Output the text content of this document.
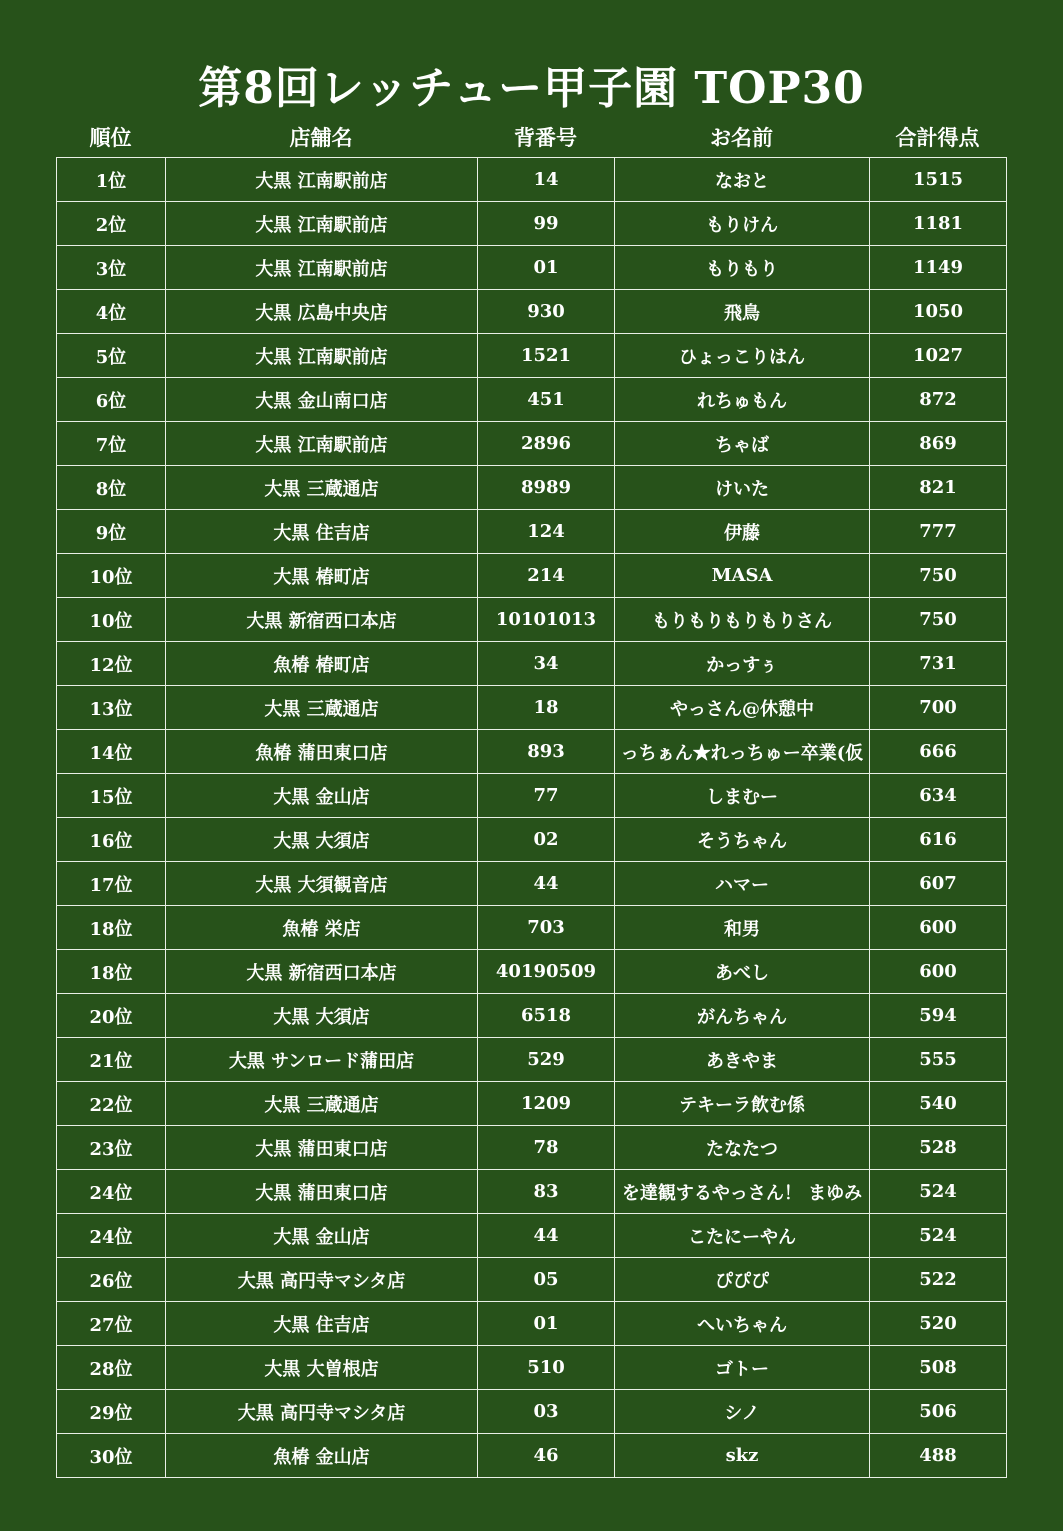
第8回レッチュー甲子園 TOP30
順位	店舗名	背番号	お名前	合計得点
1位	大黒 江南駅前店	14	なおと	1515
2位	大黒 江南駅前店	99	もりけん	1181
3位	大黒 江南駅前店	01	もりもり	1149
4位	大黒 広島中央店	930	飛鳥	1050
5位	大黒 江南駅前店	1521	ひょっこりはん	1027
6位	大黒 金山南口店	451	れちゅもん	872
7位	大黒 江南駅前店	2896	ちゃば	869
8位	大黒 三蔵通店	8989	けいた	821
9位	大黒 住吉店	124	伊藤	777
10位	大黒 椿町店	214	MASA	750
10位	大黒 新宿西口本店	10101013	もりもりもりもりさん	750
12位	魚椿 椿町店	34	かっすぅ	731
13位	大黒 三蔵通店	18	やっさん@休憩中	700
14位	魚椿 蒲田東口店	893	っちぁん★れっちゅー卒業(仮	666
15位	大黒 金山店	77	しまむー	634
16位	大黒 大須店	02	そうちゃん	616
17位	大黒 大須観音店	44	ハマー	607
18位	魚椿 栄店	703	和男	600
18位	大黒 新宿西口本店	40190509	あべし	600
20位	大黒 大須店	6518	がんちゃん	594
21位	大黒 サンロード蒲田店	529	あきやま	555
22位	大黒 三蔵通店	1209	テキーラ飲む係	540
23位	大黒 蒲田東口店	78	たなたつ	528
24位	大黒 蒲田東口店	83	を達観するやっさん！ まゆみ	524
24位	大黒 金山店	44	こたにーやん	524
26位	大黒 高円寺マシタ店	05	ぴぴぴ	522
27位	大黒 住吉店	01	へいちゃん	520
28位	大黒 大曽根店	510	ゴトー	508
29位	大黒 高円寺マシタ店	03	シノ	506
30位	魚椿 金山店	46	skz	488
